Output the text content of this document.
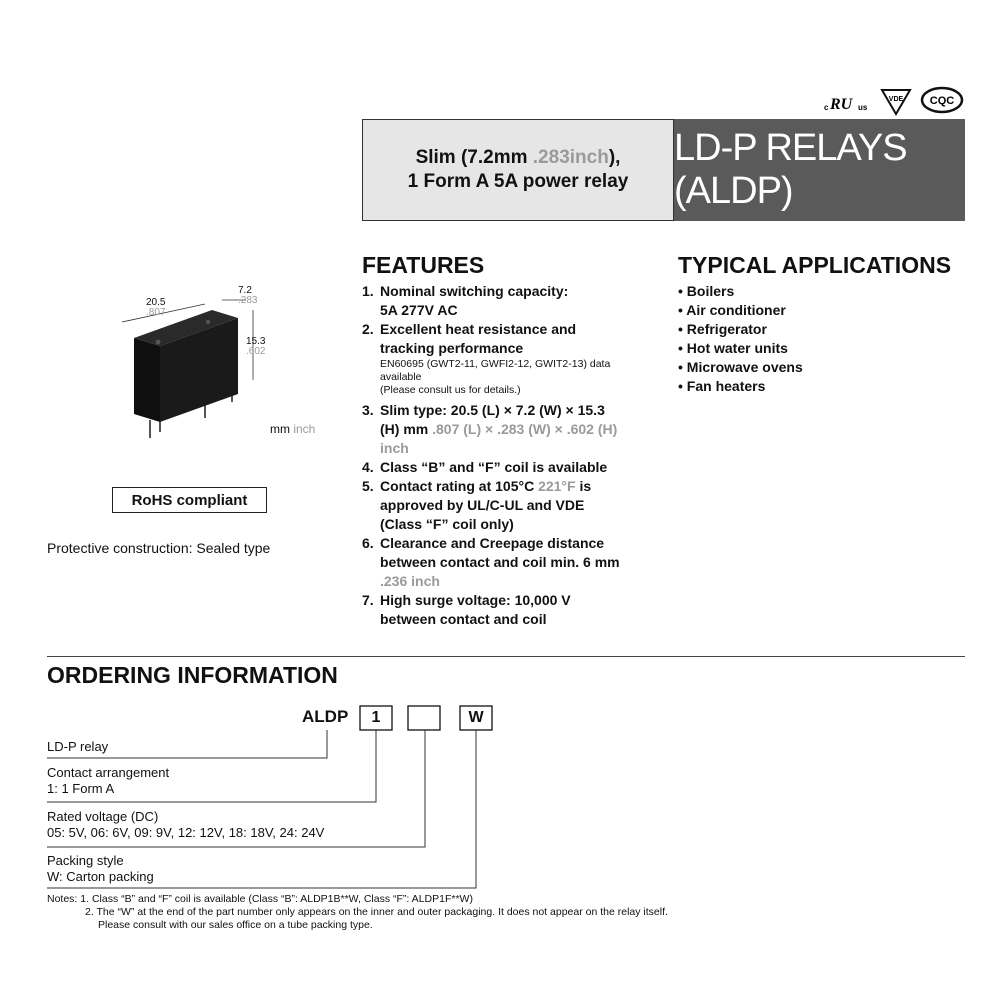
c RU us
VDE CQC
Slim (7.2mm .283inch),
1 Form A 5A power relay
LD-P RELAYS (ALDP)
20.5
.807
7.2
.283
15.3
.602
mm inch
RoHS compliant
Protective construction: Sealed type
FEATURES
1. Nominal switching capacity:
5A 277V AC
2. Excellent heat resistance and
tracking performance
EN60695 (GWT2-11, GWFI2-12, GWIT2-13) data
available
(Please consult us for details.)
3. Slim type: 20.5 (L) × 7.2 (W) × 15.3
(H) mm .807 (L) × .283 (W) × .602 (H)
inch
4. Class “B” and “F” coil is available
5. Contact rating at 105°C 221°F is
approved by UL/C-UL and VDE
(Class “F” coil only)
6. Clearance and Creepage distance
between contact and coil min. 6 mm
.236 inch
7. High surge voltage: 10,000 V
between contact and coil
TYPICAL APPLICATIONS
• Boilers
• Air conditioner
• Refrigerator
• Hot water units
• Microwave ovens
• Fan heaters
ORDERING INFORMATION
ALDP	1	W
LD-P relay
Contact arrangement
1: 1 Form A
Rated voltage (DC)
05: 5V, 06: 6V, 09: 9V, 12: 12V, 18: 18V, 24: 24V
Packing style
W: Carton packing
Notes: 1. Class “B” and “F” coil is available (Class “B”: ALDP1B**W, Class “F”: ALDP1F**W)

2. The “W” at the end of the part number only appears on the inner and outer packaging. It does not appear on the relay itself.
Please consult with our sales office on a tube packing type.
